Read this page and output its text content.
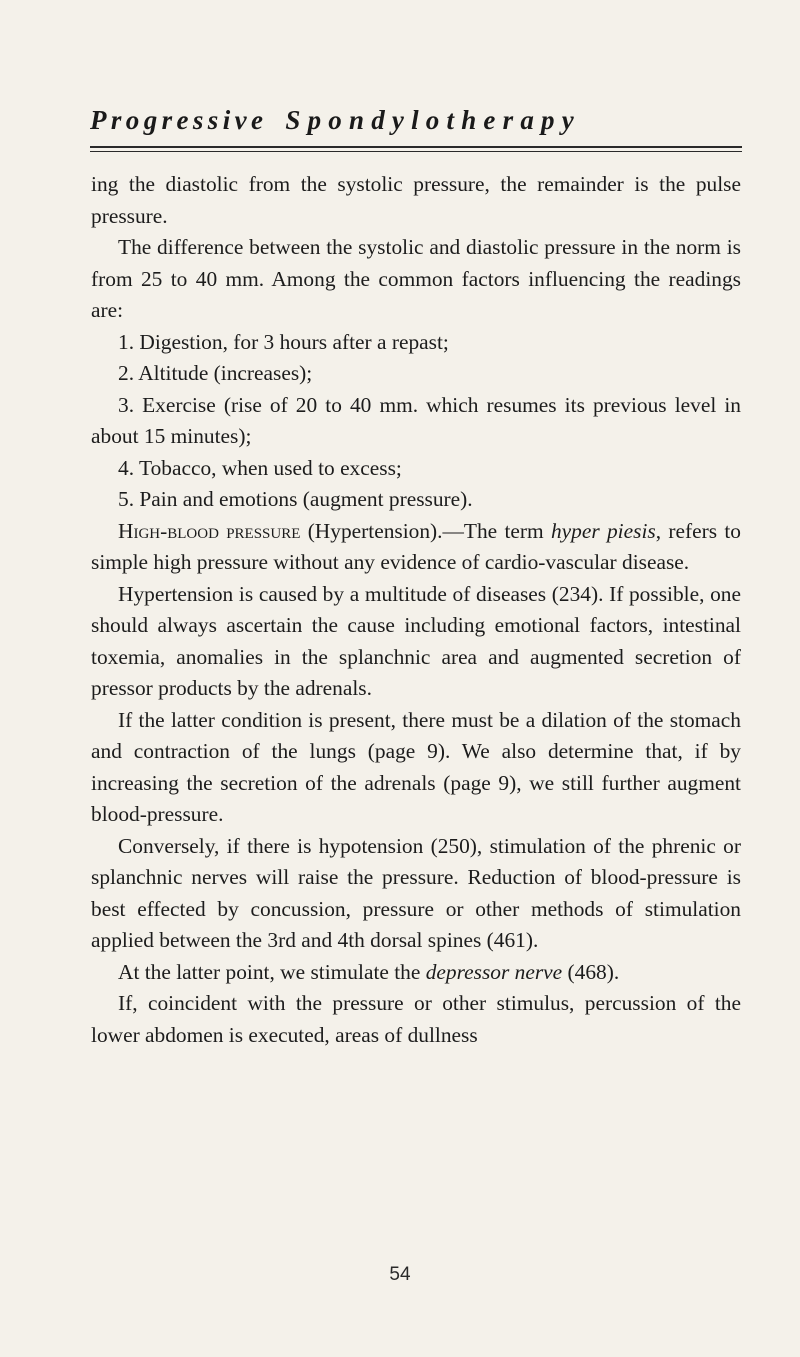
Progressive Spondylotherapy

ing the diastolic from the systolic pressure, the remainder is the pulse pressure.

The difference between the systolic and diastolic pressure in the norm is from 25 to 40 mm. Among the common factors influencing the readings are:

1. Digestion, for 3 hours after a repast;

2. Altitude (increases);

3. Exercise (rise of 20 to 40 mm. which resumes its previous level in about 15 minutes);

4. Tobacco, when used to excess;

5. Pain and emotions (augment pressure).

High-blood pressure (Hypertension).—The term hyper piesis, refers to simple high pressure without any evidence of cardio-vascular disease.

Hypertension is caused by a multitude of diseases (234). If possible, one should always ascertain the cause including emotional factors, intestinal toxemia, anomalies in the splanchnic area and augmented secretion of pressor products by the adrenals.

If the latter condition is present, there must be a dilation of the stomach and contraction of the lungs (page 9). We also determine that, if by increasing the secretion of the adrenals (page 9), we still further augment blood-pressure.

Conversely, if there is hypotension (250), stimulation of the phrenic or splanchnic nerves will raise the pressure. Reduction of blood-pressure is best effected by concussion, pressure or other methods of stimulation applied between the 3rd and 4th dorsal spines (461).

At the latter point, we stimulate the depressor nerve (468).

If, coincident with the pressure or other stimulus, percussion of the lower abdomen is executed, areas of dullness

54
